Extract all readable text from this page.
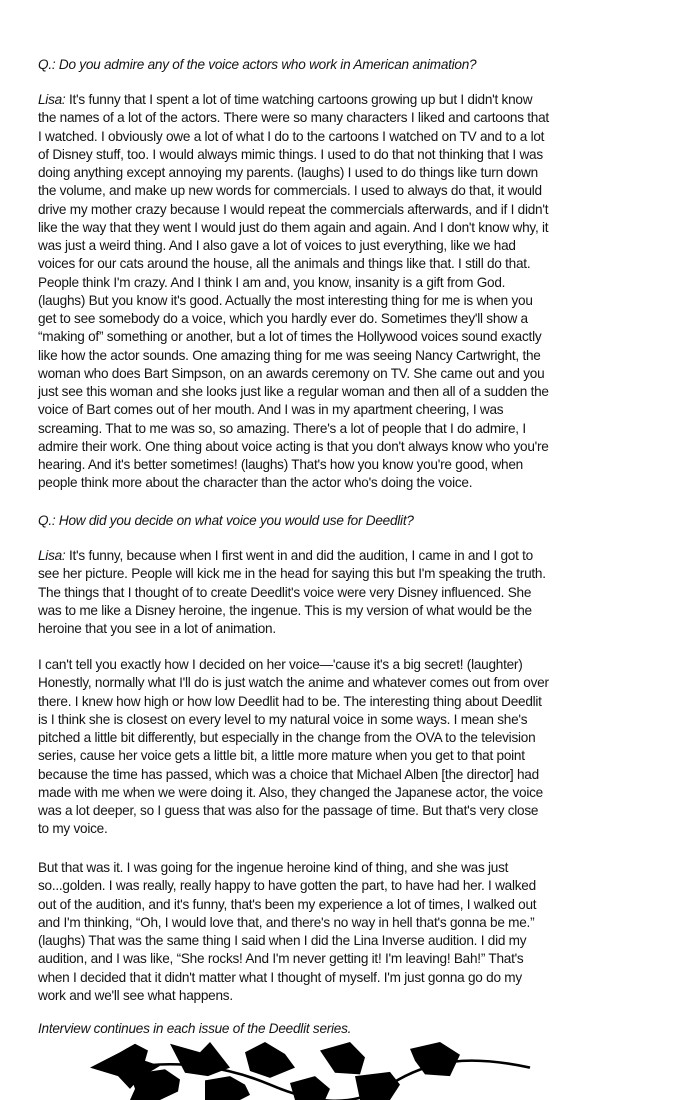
Q.: Do you admire any of the voice actors who work in American animation?
Lisa: It's funny that I spent a lot of time watching cartoons growing up but I didn't know
the names of a lot of the actors. There were so many characters I liked and cartoons that
I watched. I obviously owe a lot of what I do to the cartoons I watched on TV and to a lot
of Disney stuff, too. I would always mimic things. I used to do that not thinking that I was
doing anything except annoying my parents. (laughs) I used to do things like turn down
the volume, and make up new words for commercials. I used to always do that, it would
drive my mother crazy because I would repeat the commercials afterwards, and if I didn't
like the way that they went I would just do them again and again. And I don't know why, it
was just a weird thing. And I also gave a lot of voices to just everything, like we had
voices for our cats around the house, all the animals and things like that. I still do that.
People think I'm crazy. And I think I am and, you know, insanity is a gift from God.
(laughs) But you know it's good. Actually the most interesting thing for me is when you
get to see somebody do a voice, which you hardly ever do. Sometimes they'll show a
“making of” something or another, but a lot of times the Hollywood voices sound exactly
like how the actor sounds. One amazing thing for me was seeing Nancy Cartwright, the
woman who does Bart Simpson, on an awards ceremony on TV. She came out and you
just see this woman and she looks just like a regular woman and then all of a sudden the
voice of Bart comes out of her mouth. And I was in my apartment cheering, I was
screaming. That to me was so, so amazing. There's a lot of people that I do admire, I
admire their work. One thing about voice acting is that you don't always know who you're
hearing. And it's better sometimes! (laughs) That's how you know you're good, when
people think more about the character than the actor who's doing the voice.
Q.: How did you decide on what voice you would use for Deedlit?
Lisa: It's funny, because when I first went in and did the audition, I came in and I got to
see her picture. People will kick me in the head for saying this but I'm speaking the truth.
The things that I thought of to create Deedlit's voice were very Disney influenced. She
was to me like a Disney heroine, the ingenue. This is my version of what would be the
heroine that you see in a lot of animation.
I can't tell you exactly how I decided on her voice—'cause it's a big secret! (laughter)
Honestly, normally what I'll do is just watch the anime and whatever comes out from over
there. I knew how high or how low Deedlit had to be. The interesting thing about Deedlit
is I think she is closest on every level to my natural voice in some ways. I mean she's
pitched a little bit differently, but especially in the change from the OVA to the television
series, cause her voice gets a little bit, a little more mature when you get to that point
because the time has passed, which was a choice that Michael Alben [the director] had
made with me when we were doing it. Also, they changed the Japanese actor, the voice
was a lot deeper, so I guess that was also for the passage of time. But that's very close
to my voice.
But that was it. I was going for the ingenue heroine kind of thing, and she was just
so...golden. I was really, really happy to have gotten the part, to have had her. I walked
out of the audition, and it's funny, that's been my experience a lot of times, I walked out
and I'm thinking, “Oh, I would love that, and there's no way in hell that's gonna be me.”
(laughs) That was the same thing I said when I did the Lina Inverse audition. I did my
audition, and I was like, “She rocks! And I'm never getting it! I'm leaving! Bah!” That's
when I decided that it didn't matter what I thought of myself. I'm just gonna go do my
work and we'll see what happens.
Interview continues in each issue of the Deedlit series.
